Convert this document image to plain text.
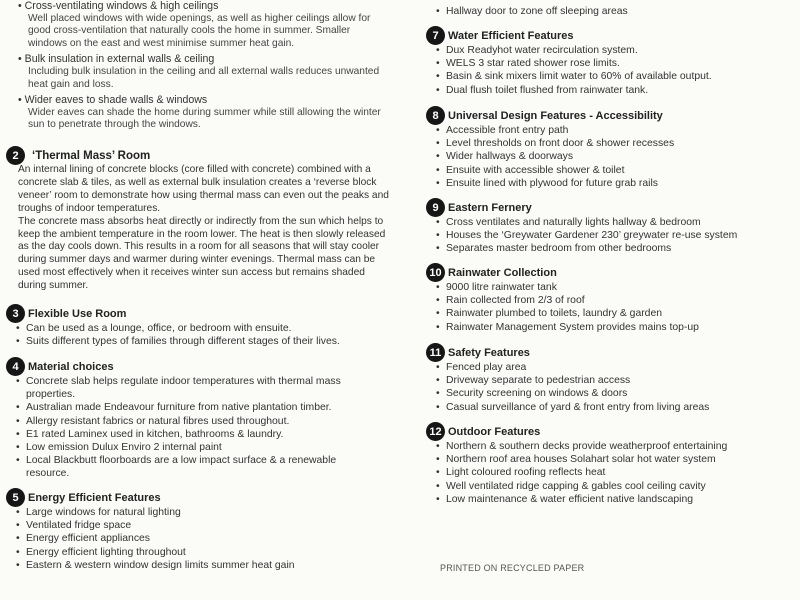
• Cross-ventilating windows & high ceilings
Well placed windows with wide openings, as well as higher ceilings allow for good cross-ventilation that naturally cools the home in summer. Smaller windows on the east and west minimise summer heat gain.
• Bulk insulation in external walls & ceiling
Including bulk insulation in the ceiling and all external walls reduces unwanted heat gain and loss.
• Wider eaves to shade walls & windows
Wider eaves can shade the home during summer while still allowing the winter sun to penetrate through the windows.
2	‘Thermal Mass’ Room

An internal lining of concrete blocks (core filled with concrete) combined with a concrete slab & tiles, as well as external bulk insulation creates a ‘reverse block veneer’ room to demonstrate how using thermal mass can even out the peaks and troughs of indoor temperatures.

The concrete mass absorbs heat directly or indirectly from the sun which helps to keep the ambient temperature in the room lower. The heat is then slowly released as the day cools down. This results in a room for all seasons that will stay cooler during summer days and warmer during winter evenings. Thermal mass can be used most effectively when it receives winter sun access but remains shaded during summer.

3 Flexible Use Room
• Can be used as a lounge, office, or bedroom with ensuite.
• Suits different types of families through different stages of their lives.
4 Material choices
• Concrete slab helps regulate indoor temperatures with thermal mass properties.
• Australian made Endeavour furniture from native plantation timber.
• Allergy resistant fabrics or natural fibres used throughout.
• E1 rated Laminex used in kitchen, bathrooms & laundry.
• Low emission Dulux Enviro 2 internal paint
• Local Blackbutt floorboards are a low impact surface & a renewable resource.
5 Energy Efficient Features
• Large windows for natural lighting
• Ventilated fridge space
• Energy efficient appliances
• Energy efficient lighting throughout
• Eastern & western window design limits summer heat gain
• Hallway door to zone off sleeping areas
7 Water Efficient Features
• Dux Readyhot water recirculation system.
• WELS 3 star rated shower rose limits.
• Basin & sink mixers limit water to 60% of available output.
• Dual flush toilet flushed from rainwater tank.
8 Universal Design Features - Accessibility
• Accessible front entry path
• Level thresholds on front door & shower recesses
• Wider hallways & doorways
• Ensuite with accessible shower & toilet
• Ensuite lined with plywood for future grab rails
9 Eastern Fernery
• Cross ventilates and naturally lights hallway & bedroom
• Houses the ‘Greywater Gardener 230’ greywater re-use system
• Separates master bedroom from other bedrooms
10 Rainwater Collection
• 9000 litre rainwater tank
• Rain collected from 2/3 of roof
• Rainwater plumbed to toilets, laundry & garden
• Rainwater Management System provides mains top-up
11 Safety Features
• Fenced play area
• Driveway separate to pedestrian access
• Security screening on windows & doors
• Casual surveillance of yard & front entry from living areas
12 Outdoor Features
• Northern & southern decks provide weatherproof entertaining
• Northern roof area houses Solahart solar hot water system
• Light coloured roofing reflects heat
• Well ventilated ridge capping & gables cool ceiling cavity
• Low maintenance & water efficient native landscaping
PRINTED ON RECYCLED PAPER
